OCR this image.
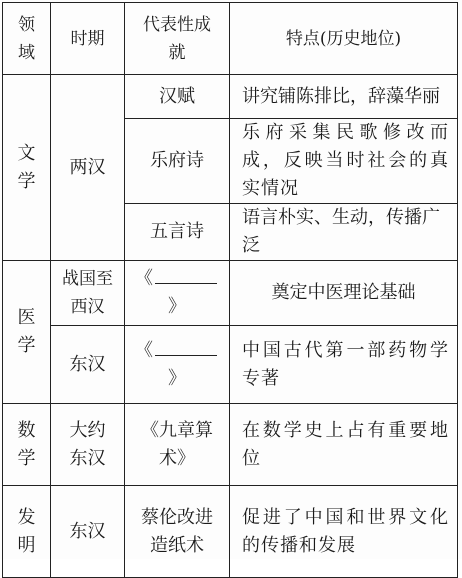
领域	时期	代表性成就	特点(历史地位)
文学	两汉	汉赋	讲究铺陈排比，辞藻华丽
		乐府诗	乐府采集民歌修改而成，反映当时社会的真实情况
		五言诗	语言朴实、生动，传播广泛
医学	战国至西汉	《》	奠定中医理论基础
	东汉	《》	中国古代第一部药物学专著
数学	大约东汉	《九章算术》	在数学史上占有重要地位
发明	东汉	蔡伦改进造纸术	促进了中国和世界文化的传播和发展
